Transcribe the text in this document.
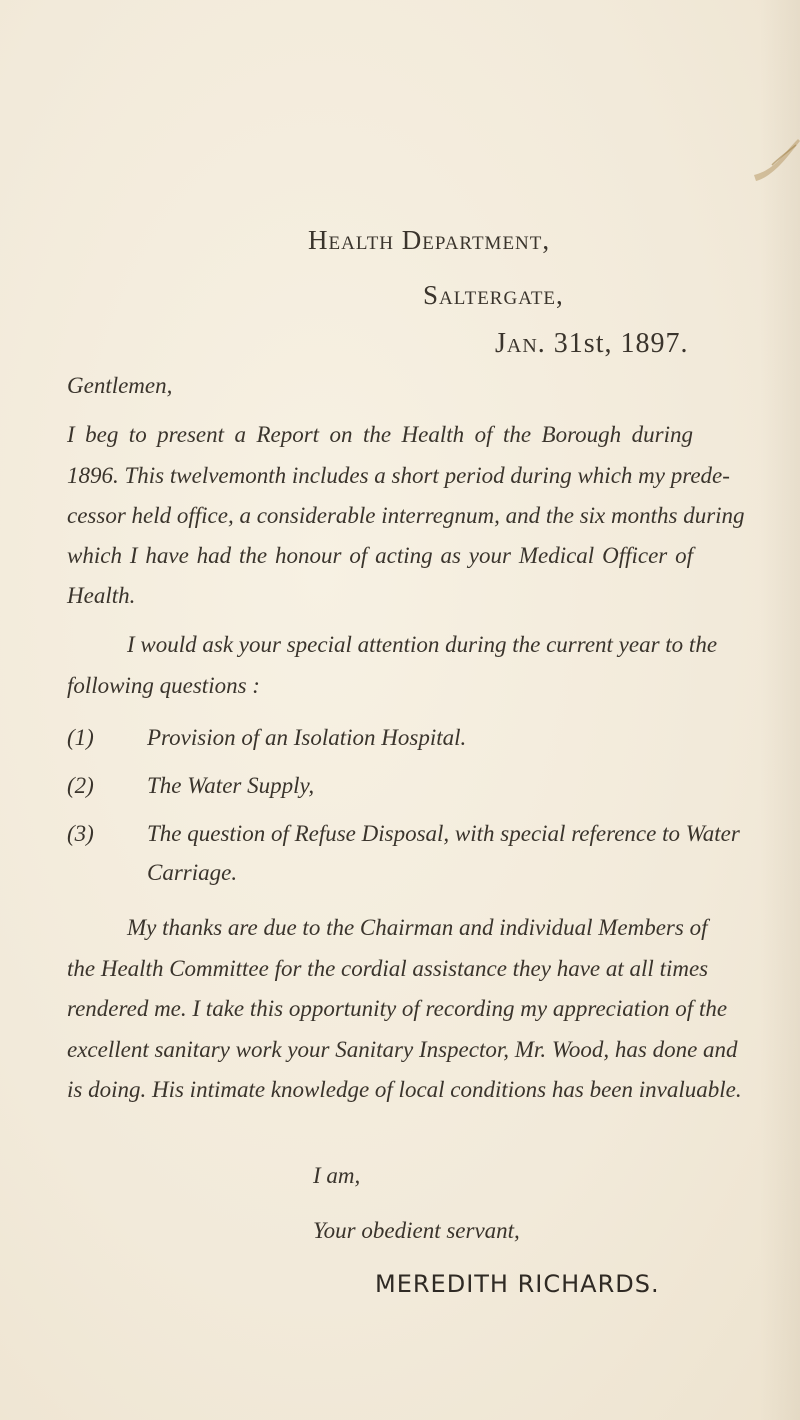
Health Department,
Saltergate,
Jan. 31st, 1897.
Gentlemen,
I beg to present a Report on the Health of the Borough during
1896. This twelvemonth includes a short period during which my prede-
cessor held office, a considerable interregnum, and the six months during
which I have had the honour of acting as your Medical Officer of
Health.
I would ask your special attention during the current year to the
following questions :
(1) Provision of an Isolation Hospital.
(2) The Water Supply,
(3) The question of Refuse Disposal, with special reference to Water
Carriage.
My thanks are due to the Chairman and individual Members of
the Health Committee for the cordial assistance they have at all times
rendered me. I take this opportunity of recording my appreciation of the
excellent sanitary work your Sanitary Inspector, Mr. Wood, has done and
is doing. His intimate knowledge of local conditions has been invaluable.
I am,
Your obedient servant,
MEREDITH RICHARDS.
